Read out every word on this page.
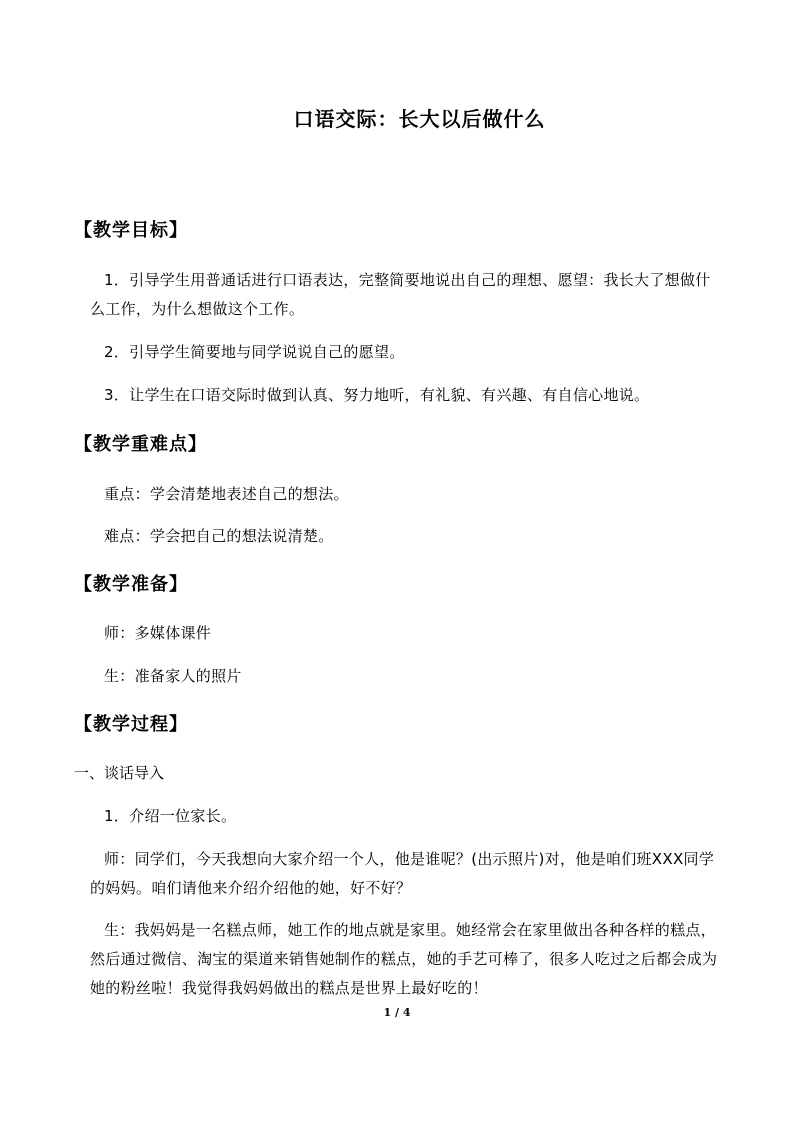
口语交际：长大以后做什么
【教学目标】
1．引导学生用普通话进行口语表达，完整简要地说出自己的理想、愿望：我长大了想做什么工作，为什么想做这个工作。
2．引导学生简要地与同学说说自己的愿望。
3．让学生在口语交际时做到认真、努力地听，有礼貌、有兴趣、有自信心地说。
【教学重难点】
重点：学会清楚地表述自己的想法。
难点：学会把自己的想法说清楚。
【教学准备】
师：多媒体课件
生：准备家人的照片
【教学过程】
一、谈话导入
1．介绍一位家长。
师：同学们，今天我想向大家介绍一个人，他是谁呢？(出示照片)对，他是咱们班XXX同学的妈妈。咱们请他来介绍介绍他的她，好不好？
生：我妈妈是一名糕点师，她工作的地点就是家里。她经常会在家里做出各种各样的糕点，然后通过微信、淘宝的渠道来销售她制作的糕点，她的手艺可棒了，很多人吃过之后都会成为她的粉丝啦！我觉得我妈妈做出的糕点是世界上最好吃的！
1 / 4
